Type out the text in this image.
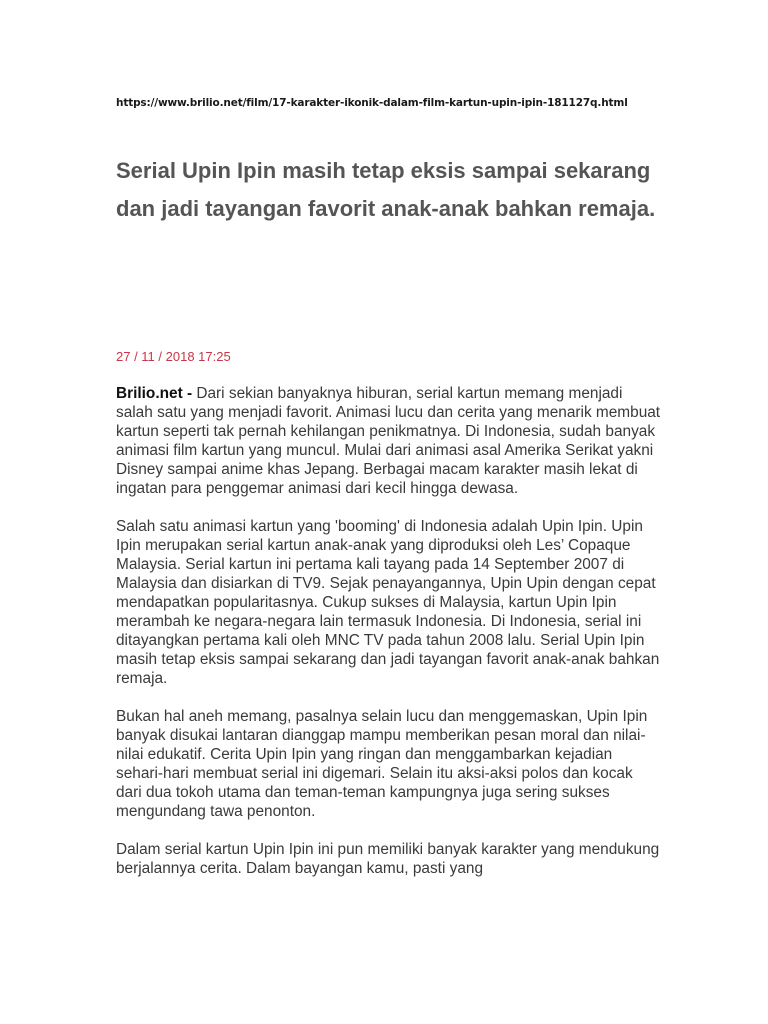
https://www.brilio.net/film/17-karakter-ikonik-dalam-film-kartun-upin-ipin-181127q.html
Serial Upin Ipin masih tetap eksis sampai sekarang dan jadi tayangan favorit anak-anak bahkan remaja.
27 / 11 / 2018 17:25

Brilio.net - Dari sekian banyaknya hiburan, serial kartun memang menjadi salah satu yang menjadi favorit. Animasi lucu dan cerita yang menarik membuat kartun seperti tak pernah kehilangan penikmatnya. Di Indonesia, sudah banyak animasi film kartun yang muncul. Mulai dari animasi asal Amerika Serikat yakni Disney sampai anime khas Jepang. Berbagai macam karakter masih lekat di ingatan para penggemar animasi dari kecil hingga dewasa.

Salah satu animasi kartun yang 'booming' di Indonesia adalah Upin Ipin. Upin Ipin merupakan serial kartun anak-anak yang diproduksi oleh Les’ Copaque Malaysia. Serial kartun ini pertama kali tayang pada 14 September 2007 di Malaysia dan disiarkan di TV9. Sejak penayangannya, Upin Upin dengan cepat mendapatkan popularitasnya. Cukup sukses di Malaysia, kartun Upin Ipin merambah ke negara-negara lain termasuk Indonesia. Di Indonesia, serial ini ditayangkan pertama kali oleh MNC TV pada tahun 2008 lalu. Serial Upin Ipin masih tetap eksis sampai sekarang dan jadi tayangan favorit anak-anak bahkan remaja.

Bukan hal aneh memang, pasalnya selain lucu dan menggemaskan, Upin Ipin banyak disukai lantaran dianggap mampu memberikan pesan moral dan nilai-nilai edukatif. Cerita Upin Ipin yang ringan dan menggambarkan kejadian sehari-hari membuat serial ini digemari. Selain itu aksi-aksi polos dan kocak dari dua tokoh utama dan teman-teman kampungnya juga sering sukses mengundang tawa penonton.

Dalam serial kartun Upin Ipin ini pun memiliki banyak karakter yang mendukung berjalannya cerita. Dalam bayangan kamu, pasti yang
